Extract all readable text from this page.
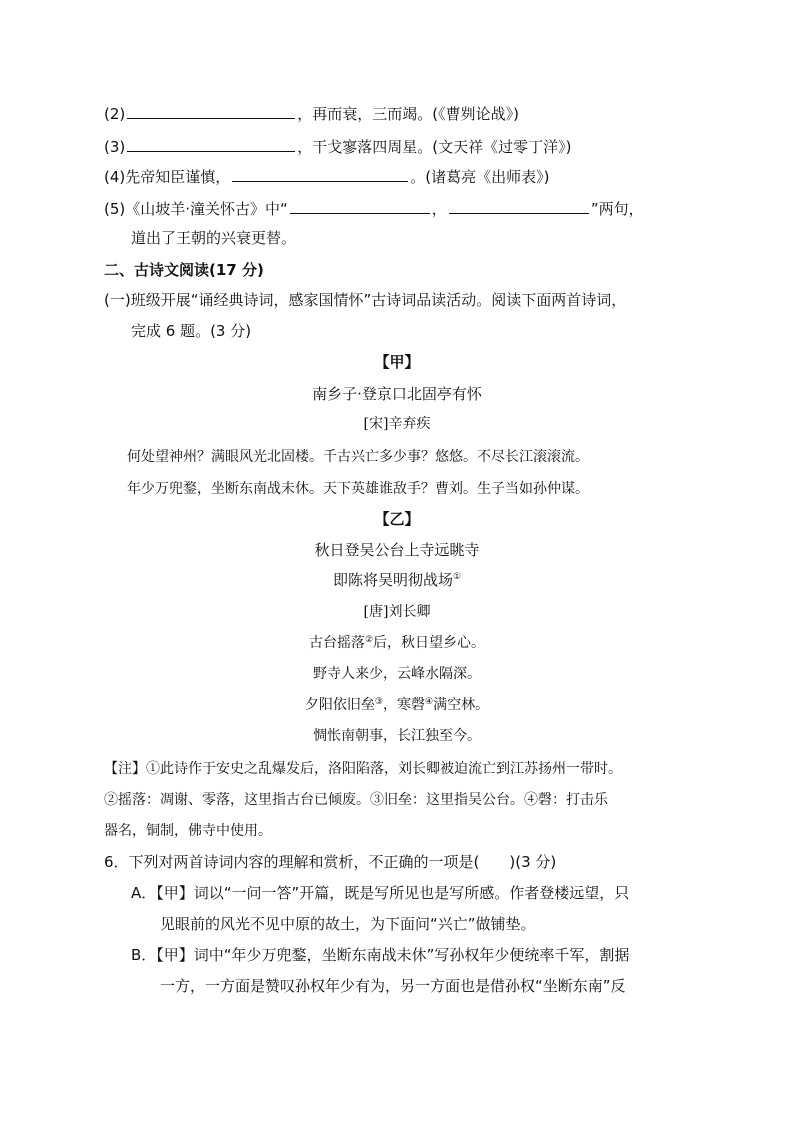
(2)	，再而衰，三而竭。(《曹刿论战》)
(3)	，干戈寥落四周星。(文天祥《过零丁洋》)
(4)先帝知臣谨慎，	。(诸葛亮《出师表》)
(5)《山坡羊·潼关怀古》中“	，	”两句，
道出了王朝的兴衰更替。
二、古诗文阅读(17 分)
(一)班级开展“诵经典诗词，感家国情怀”古诗词品读活动。阅读下面两首诗词，
完成 6 题。(3 分)
【甲】
南乡子·登京口北固亭有怀
[宋]辛弃疾
何处望神州？满眼风光北固楼。千古兴亡多少事？悠悠。不尽长江滚滚流。
年少万兜鍪，坐断东南战未休。天下英雄谁敌手？曹刘。生子当如孙仲谋。
【乙】
秋日登吴公台上寺远眺寺
即陈将吴明彻战场①
[唐]刘长卿
古台摇落②后，秋日望乡心。
野寺人来少，云峰水隔深。
夕阳依旧垒③，寒磬④满空林。
惆怅南朝事，长江独至今。
【注】①此诗作于安史之乱爆发后，洛阳陷落，刘长卿被迫流亡到江苏扬州一带时。
②摇落：凋谢、零落，这里指古台已倾废。③旧垒：这里指吴公台。④磬：打击乐
器名，铜制，佛寺中使用。
6．下列对两首诗词内容的理解和赏析，不正确的一项是(　　)(3 分)
A．【甲】词以“一问一答”开篇，既是写所见也是写所感。作者登楼远望，只
见眼前的风光不见中原的故土，为下面问“兴亡”做铺垫。
B．【甲】词中“年少万兜鍪，坐断东南战未休”写孙权年少便统率千军，割据
一方，一方面是赞叹孙权年少有为，另一方面也是借孙权“坐断东南”反
